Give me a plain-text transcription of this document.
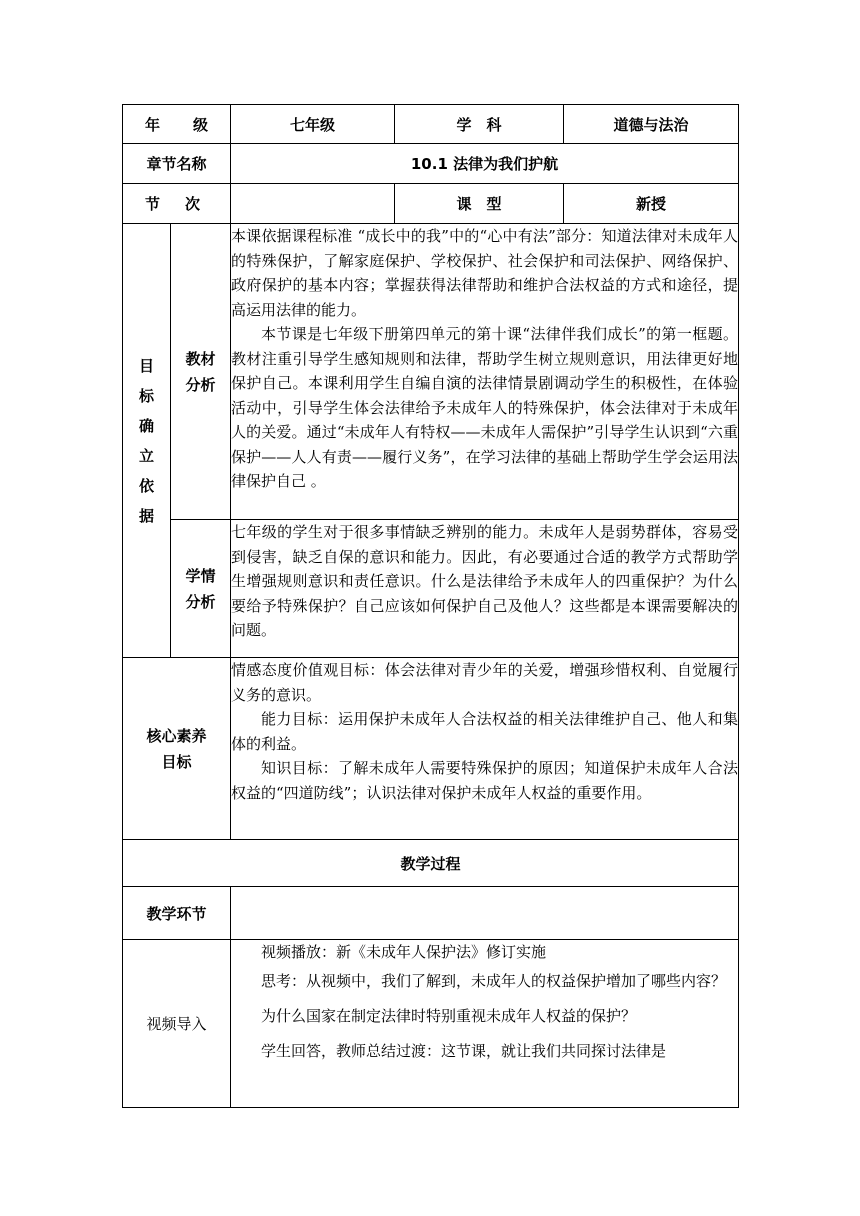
年 级		七年级	学  科	道德与法治
章节名称		10.1 法律为我们护航		

节 次			课  型	新授

目标确立依据	教材分析	本课依据课程标准 “成长中的我”中的“心中有法”部分：知道法律对未成年人的特殊保护，了解家庭保护、学校保护、社会保护和司法保护、网络保护、政府保护的基本内容；掌握获得法律帮助和维护合法权益的方式和途径，提高运用法律的能力。

本节课是七年级下册第四单元的第十课“法律伴我们成长”的第一框题。教材注重引导学生感知规则和法律，帮助学生树立规则意识，用法律更好地保护自己。本课利用学生自编自演的法律情景剧调动学生的积极性，在体验活动中，引导学生体会法律给予未成年人的特殊保护，体会法律对于未成年人的关爱。通过“未成年人有特权——未成年人需保护”引导学生认识到“六重保护——人人有责——履行义务”，在学习法律的基础上帮助学生学会运用法律保护自己 。		

	学情分析	七年级的学生对于很多事情缺乏辨别的能力。未成年人是弱势群体，容易受到侵害，缺乏自保的意识和能力。因此，有必要通过合适的教学方式帮助学生增强规则意识和责任意识。什么是法律给予未成年人的四重保护？为什么要给予特殊保护？自己应该如何保护自己及他人？这些都是本课需要解决的问题。		

核心素养目标		情感态度价值观目标：体会法律对青少年的关爱，增强珍惜权利、自觉履行义务的意识。

能力目标：运用保护未成年人合法权益的相关法律维护自己、他人和集体的利益。

知识目标：了解未成年人需要特殊保护的原因；知道保护未成年人合法权益的“四道防线”；认识法律对保护未成年人权益的重要作用。		

教学过程				
教学环节				
视频导入		视频播放：新《未成年人保护法》修订实施

思考：从视频中，我们了解到，未成年人的权益保护增加了哪些内容？

为什么国家在制定法律时特别重视未成年人权益的保护？

学生回答，教师总结过渡：这节课，就让我们共同探讨法律是		
